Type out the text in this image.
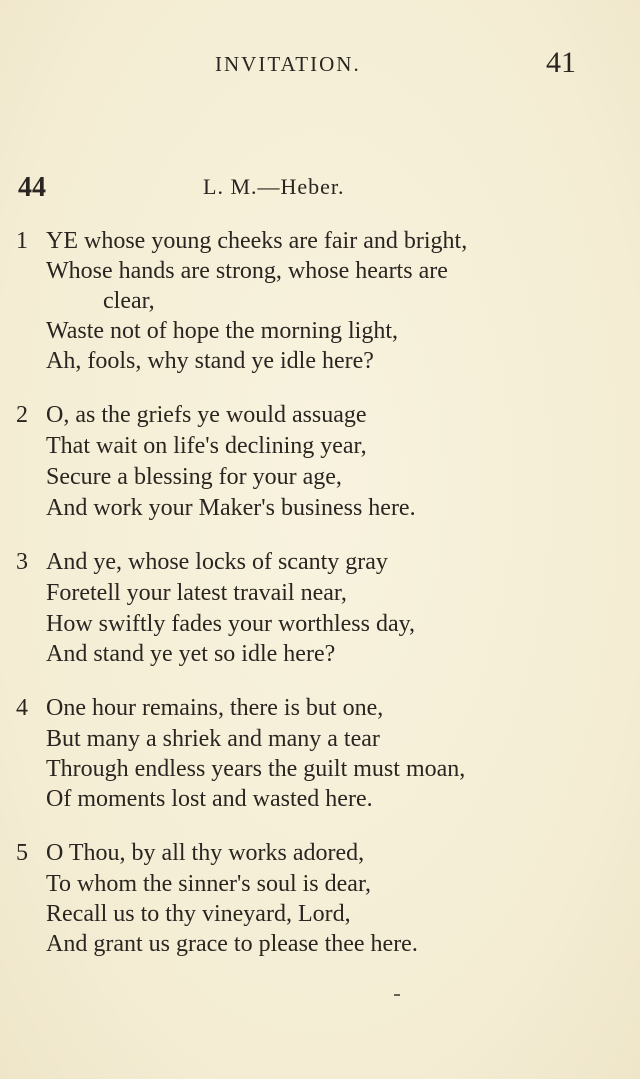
INVITATION.	41
44	L. M.—Heber.
1 YE whose young cheeks are fair and bright,
Whose hands are strong, whose hearts are
clear,
Waste not of hope the morning light,
Ah, fools, why stand ye idle here?
2 O, as the griefs ye would assuage
That wait on life's declining year,
Secure a blessing for your age,
And work your Maker's business here.
3 And ye, whose locks of scanty gray
Foretell your latest travail near,
How swiftly fades your worthless day,
And stand ye yet so idle here?
4 One hour remains, there is but one,
But many a shriek and many a tear
Through endless years the guilt must moan,
Of moments lost and wasted here.
5 O Thou, by all thy works adored,
To whom the sinner's soul is dear,
Recall us to thy vineyard, Lord,
And grant us grace to please thee here.
